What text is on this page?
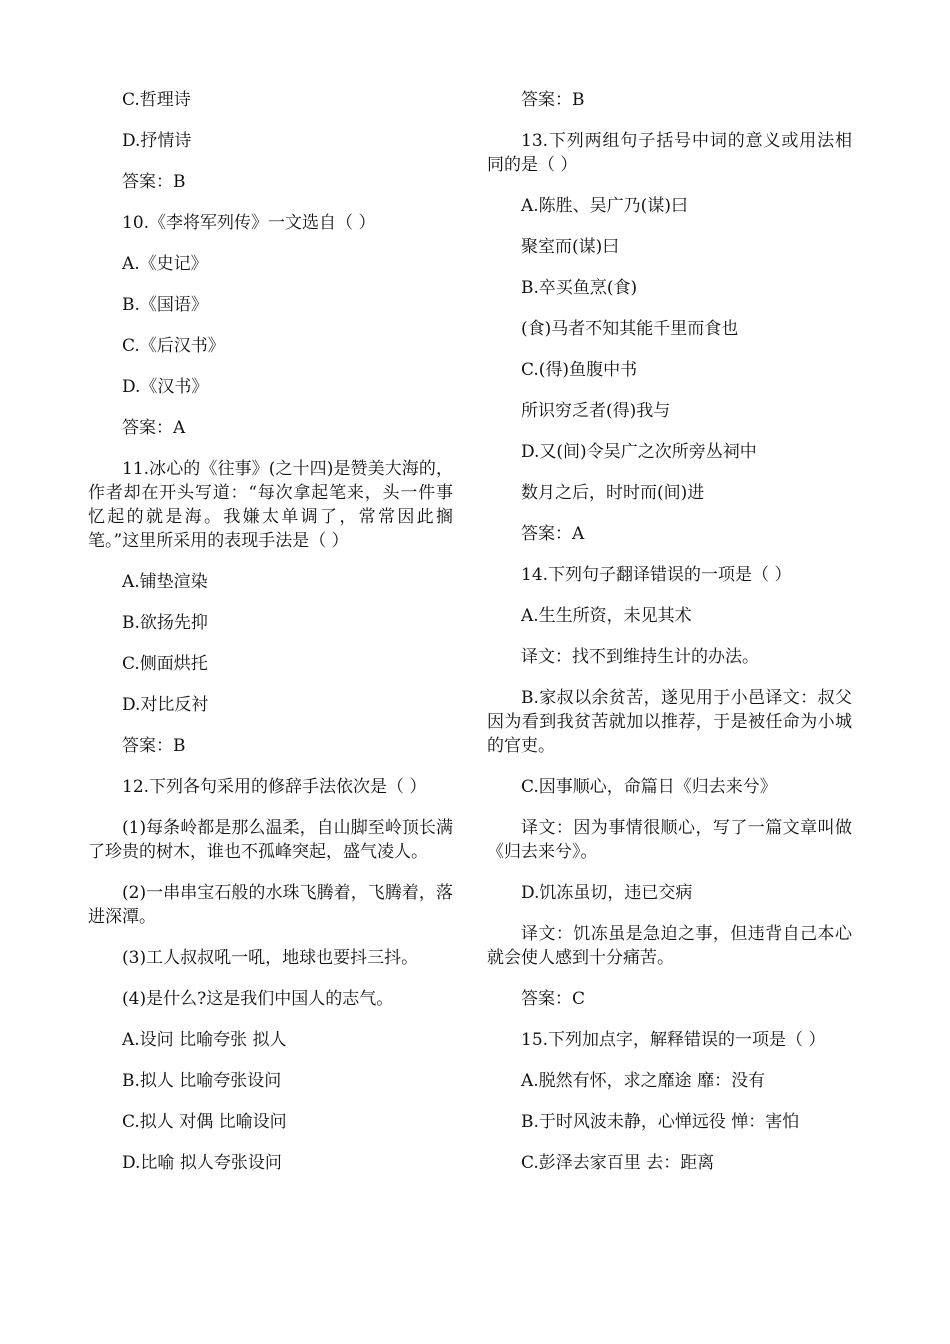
C.哲理诗

D.抒情诗

答案：B

10.《李将军列传》一文选自（ ）

A.《史记》

B.《国语》

C.《后汉书》

D.《汉书》

答案：A

11.冰心的《往事》(之十四)是赞美大海的，作者却在开头写道：“每次拿起笔来，头一件事忆起的就是海。我嫌太单调了，常常因此搁笔。”这里所采用的表现手法是（ ）

A.铺垫渲染

B.欲扬先抑

C.侧面烘托

D.对比反衬

答案：B

12.下列各句采用的修辞手法依次是（ ）

(1)每条岭都是那么温柔，自山脚至岭顶长满了珍贵的树木，谁也不孤峰突起，盛气凌人。

(2)一串串宝石般的水珠飞腾着，飞腾着，落进深潭。

(3)工人叔叔吼一吼，地球也要抖三抖。

(4)是什么?这是我们中国人的志气。

A.设问 比喻夸张 拟人

B.拟人 比喻夸张设问

C.拟人 对偶 比喻设问

D.比喻 拟人夸张设问

答案：B

13.下列两组句子括号中词的意义或用法相同的是（ ）

A.陈胜、吴广乃(谋)曰

聚室而(谋)曰

B.卒买鱼烹(食)

(食)马者不知其能千里而食也

C.(得)鱼腹中书

所识穷乏者(得)我与

D.又(间)令吴广之次所旁丛祠中

数月之后，时时而(间)进

答案：A

14.下列句子翻译错误的一项是（ ）

A.生生所资，未见其术

译文：找不到维持生计的办法。

B.家叔以余贫苦，遂见用于小邑译文：叔父因为看到我贫苦就加以推荐，于是被任命为小城的官吏。

C.因事顺心，命篇日《归去来兮》

译文：因为事情很顺心，写了一篇文章叫做《归去来兮》。

D.饥冻虽切，违已交病

译文：饥冻虽是急迫之事，但违背自己本心就会使人感到十分痛苦。

答案：C

15.下列加点字，解释错误的一项是（ ）

A.脱然有怀，求之靡途 靡：没有

B.于时风波未静，心惮远役 惮：害怕

C.彭泽去家百里 去：距离
